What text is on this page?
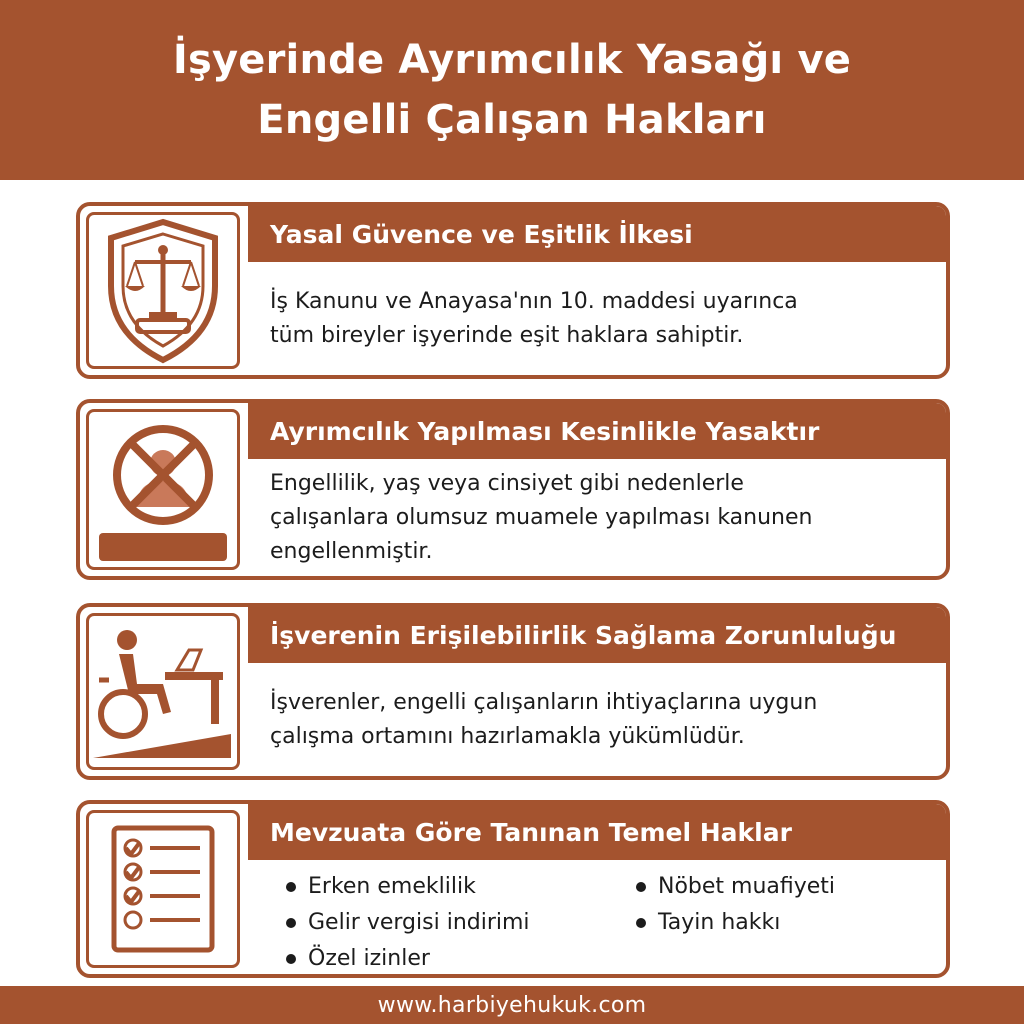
İşyerinde Ayrımcılık Yasağı ve
Engelli Çalışan Hakları
Yasal Güvence ve Eşitlik İlkesi
İş Kanunu ve Anayasa'nın 10. maddesi uyarınca
tüm bireyler işyerinde eşit haklara sahiptir.
Ayrımcılık Yapılması Kesinlikle Yasaktır
Engellilik, yaş veya cinsiyet gibi nedenlerle
çalışanlara olumsuz muamele yapılması kanunen
engellenmiştir.
İşverenin Erişilebilirlik Sağlama Zorunluluğu
İşverenler, engelli çalışanların ihtiyaçlarına uygun
çalışma ortamını hazırlamakla yükümlüdür.
Mevzuata Göre Tanınan Temel Haklar
Erken emeklilik	Nöbet muafiyeti
Gelir vergisi indirimi	Tayin hakkı
Özel izinler
www.harbiyehukuk.com
